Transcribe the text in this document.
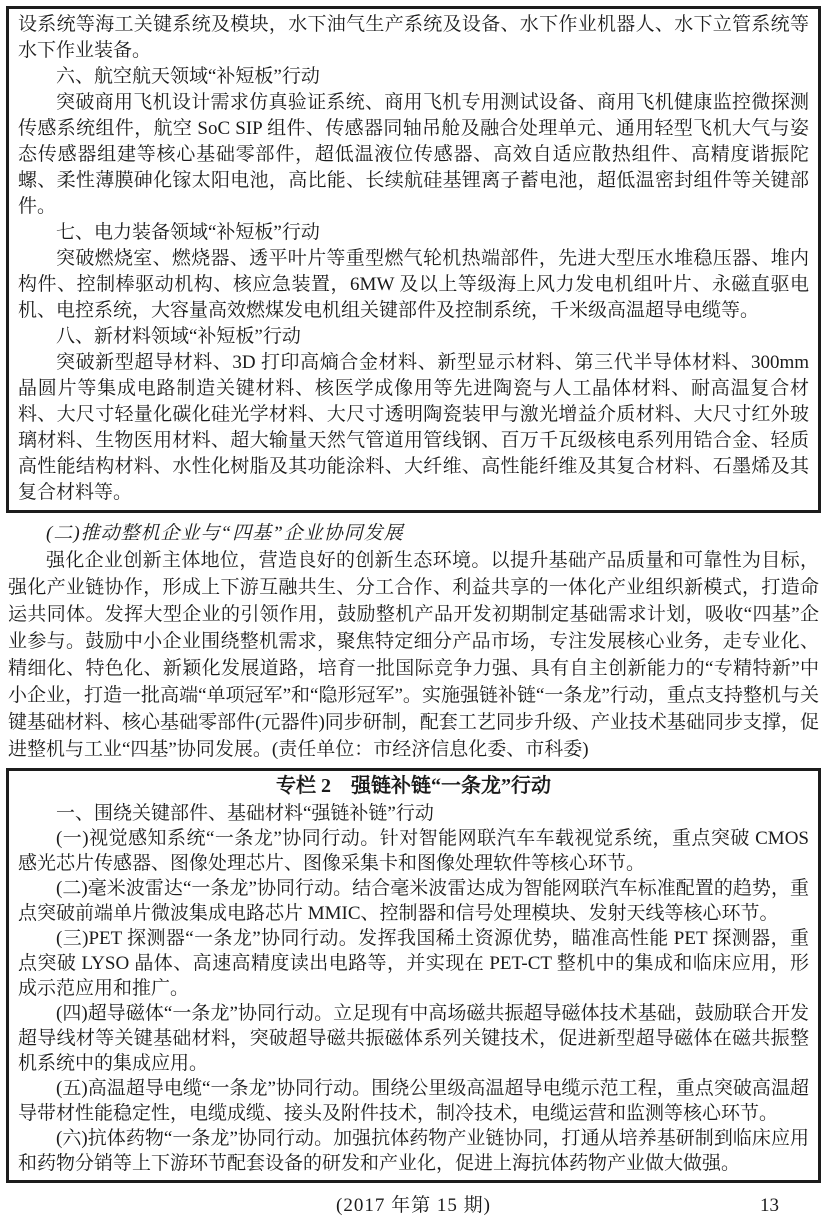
设系统等海工关键系统及模块，水下油气生产系统及设备、水下作业机器人、水下立管系统等水下作业装备。

六、航空航天领域“补短板”行动

突破商用飞机设计需求仿真验证系统、商用飞机专用测试设备、商用飞机健康监控微探测传感系统组件，航空 SoC SIP 组件、传感器同轴吊舱及融合处理单元、通用轻型飞机大气与姿态传感器组建等核心基础零部件，超低温液位传感器、高效自适应散热组件、高精度谐振陀螺、柔性薄膜砷化镓太阳电池，高比能、长续航硅基锂离子蓄电池，超低温密封组件等关键部件。

七、电力装备领域“补短板”行动

突破燃烧室、燃烧器、透平叶片等重型燃气轮机热端部件，先进大型压水堆稳压器、堆内构件、控制棒驱动机构、核应急装置，6MW 及以上等级海上风力发电机组叶片、永磁直驱电机、电控系统，大容量高效燃煤发电机组关键部件及控制系统，千米级高温超导电缆等。

八、新材料领域“补短板”行动

突破新型超导材料、3D 打印高熵合金材料、新型显示材料、第三代半导体材料、300mm 晶圆片等集成电路制造关键材料、核医学成像用等先进陶瓷与人工晶体材料、耐高温复合材料、大尺寸轻量化碳化硅光学材料、大尺寸透明陶瓷装甲与激光增益介质材料、大尺寸红外玻璃材料、生物医用材料、超大输量天然气管道用管线钢、百万千瓦级核电系列用锆合金、轻质高性能结构材料、水性化树脂及其功能涂料、大纤维、高性能纤维及其复合材料、石墨烯及其复合材料等。

(二)推动整机企业与“四基”企业协同发展

强化企业创新主体地位，营造良好的创新生态环境。以提升基础产品质量和可靠性为目标，强化产业链协作，形成上下游互融共生、分工合作、利益共享的一体化产业组织新模式，打造命运共同体。发挥大型企业的引领作用，鼓励整机产品开发初期制定基础需求计划，吸收“四基”企业参与。鼓励中小企业围绕整机需求，聚焦特定细分产品市场，专注发展核心业务，走专业化、精细化、特色化、新颖化发展道路，培育一批国际竞争力强、具有自主创新能力的“专精特新”中小企业，打造一批高端“单项冠军”和“隐形冠军”。实施强链补链“一条龙”行动，重点支持整机与关键基础材料、核心基础零部件(元器件)同步研制，配套工艺同步升级、产业技术基础同步支撑，促进整机与工业“四基”协同发展。(责任单位：市经济信息化委、市科委)

专栏 2　强链补链“一条龙”行动

一、围绕关键部件、基础材料“强链补链”行动

(一)视觉感知系统“一条龙”协同行动。针对智能网联汽车车载视觉系统，重点突破 CMOS 感光芯片传感器、图像处理芯片、图像采集卡和图像处理软件等核心环节。

(二)毫米波雷达“一条龙”协同行动。结合毫米波雷达成为智能网联汽车标准配置的趋势，重点突破前端单片微波集成电路芯片 MMIC、控制器和信号处理模块、发射天线等核心环节。

(三)PET 探测器“一条龙”协同行动。发挥我国稀土资源优势，瞄准高性能 PET 探测器，重点突破 LYSO 晶体、高速高精度读出电路等，并实现在 PET-CT 整机中的集成和临床应用，形成示范应用和推广。

(四)超导磁体“一条龙”协同行动。立足现有中高场磁共振超导磁体技术基础，鼓励联合开发超导线材等关键基础材料，突破超导磁共振磁体系列关键技术，促进新型超导磁体在磁共振整机系统中的集成应用。

(五)高温超导电缆“一条龙”协同行动。围绕公里级高温超导电缆示范工程，重点突破高温超导带材性能稳定性，电缆成缆、接头及附件技术，制冷技术，电缆运营和监测等核心环节。

(六)抗体药物“一条龙”协同行动。加强抗体药物产业链协同，打通从培养基研制到临床应用和药物分销等上下游环节配套设备的研发和产业化，促进上海抗体药物产业做大做强。

(2017 年第 15 期)	13
